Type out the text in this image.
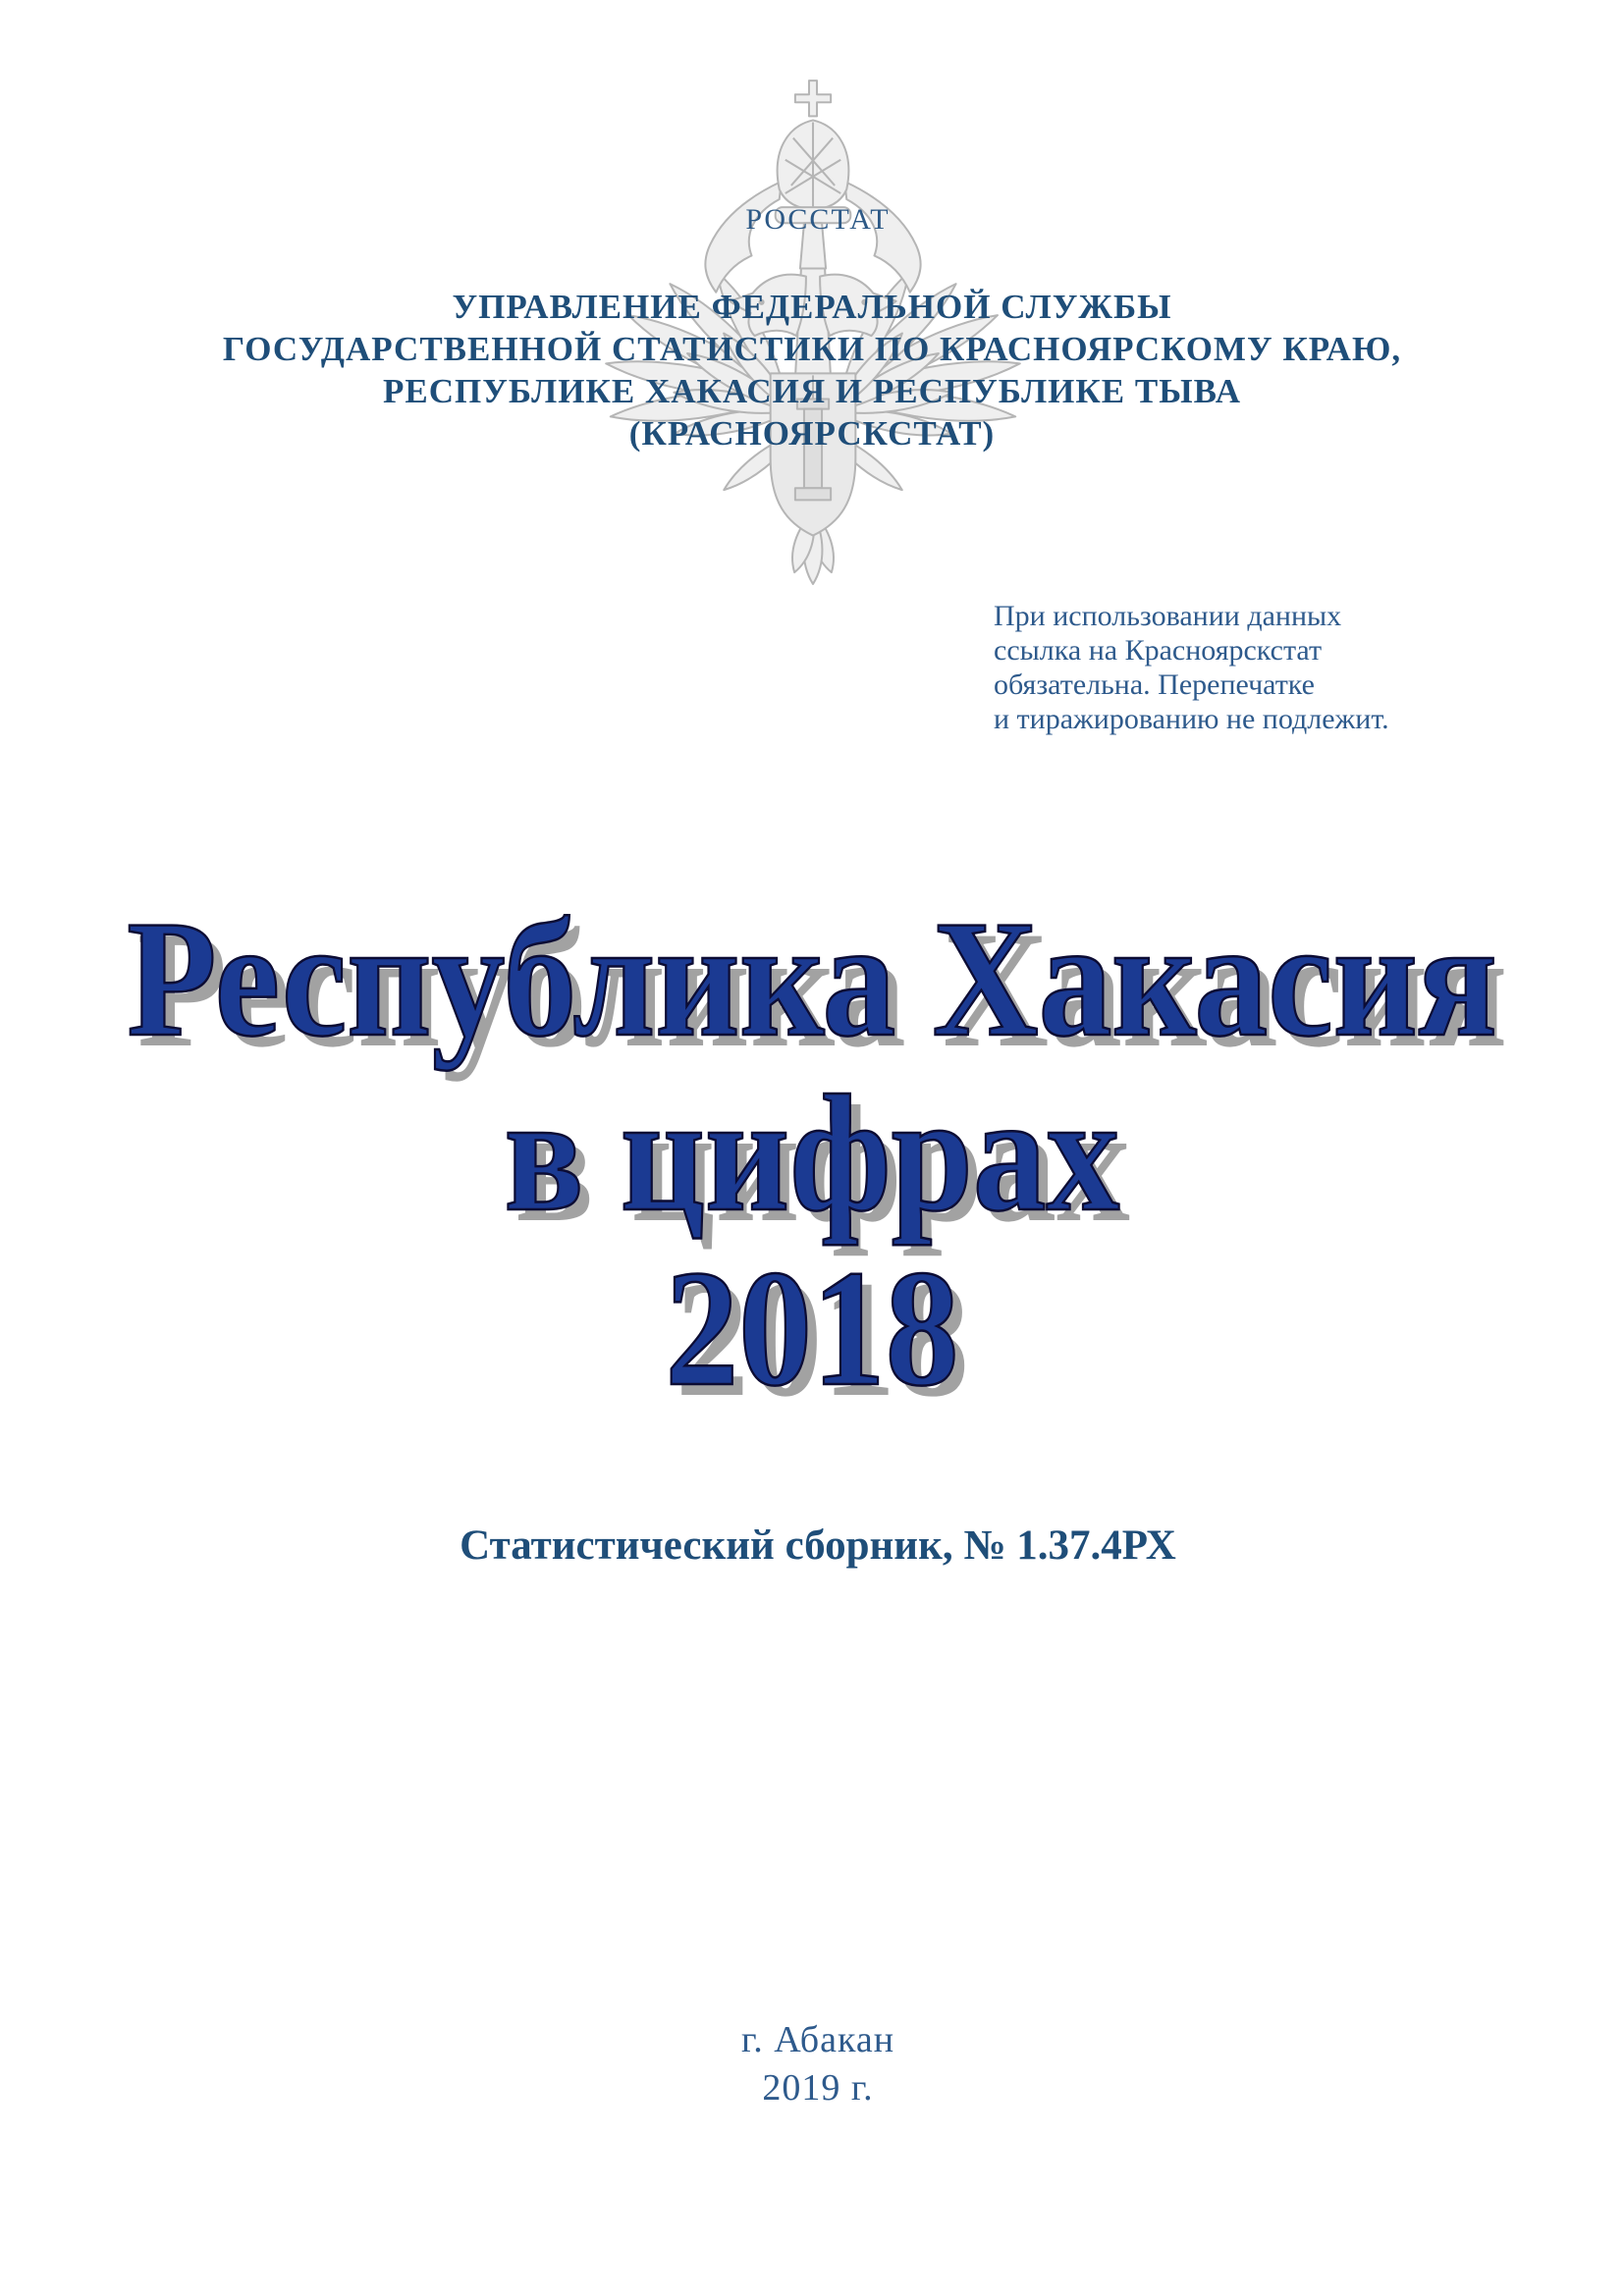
РОССТАТ
УПРАВЛЕНИЕ ФЕДЕРАЛЬНОЙ СЛУЖБЫ
ГОСУДАРСТВЕННОЙ СТАТИСТИКИ ПО КРАСНОЯРСКОМУ КРАЮ,
РЕСПУБЛИКЕ ХАКАСИЯ И РЕСПУБЛИКЕ ТЫВА
(КРАСНОЯРСКСТАТ)
При использовании данных
ссылка на Красноярскстат
обязательна. Перепечатке
и тиражированию не подлежит.
Республика Хакасия
в цифрах
2018
Статистический сборник, № 1.37.4РХ
г. Абакан
2019 г.
